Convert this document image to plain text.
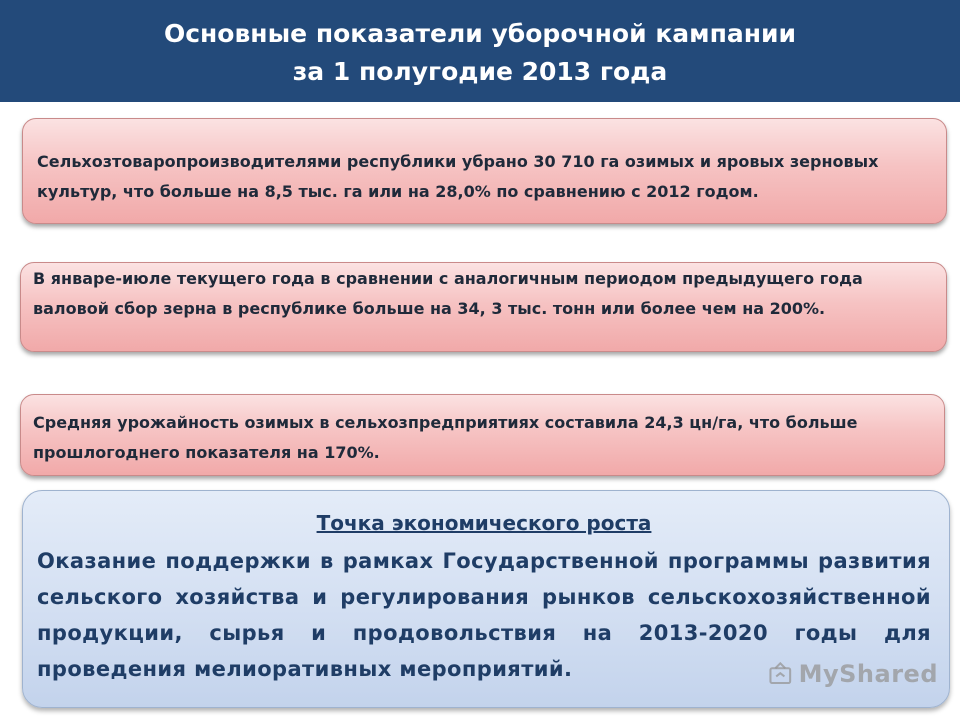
Основные показатели уборочной кампании
за 1 полугодие 2013 года
Сельхозтоваропроизводителями республики убрано 30 710 га озимых и яровых зерновых культур, что больше на 8,5 тыс. га или на 28,0% по сравнению с 2012 годом.
В январе-июле текущего года в сравнении с аналогичным периодом предыдущего года валовой сбор зерна в республике больше на 34, 3 тыс. тонн или более чем на 200%.
Средняя урожайность озимых в сельхозпредприятиях составила 24,3 цн/га, что больше прошлогоднего показателя на 170%.
Точка экономического роста
Оказание поддержки в рамках Государственной программы развития сельского хозяйства и регулирования рынков сельскохозяйственной продукции, сырья и продовольствия на 2013-2020 годы для проведения мелиоративных мероприятий.	MyShared
